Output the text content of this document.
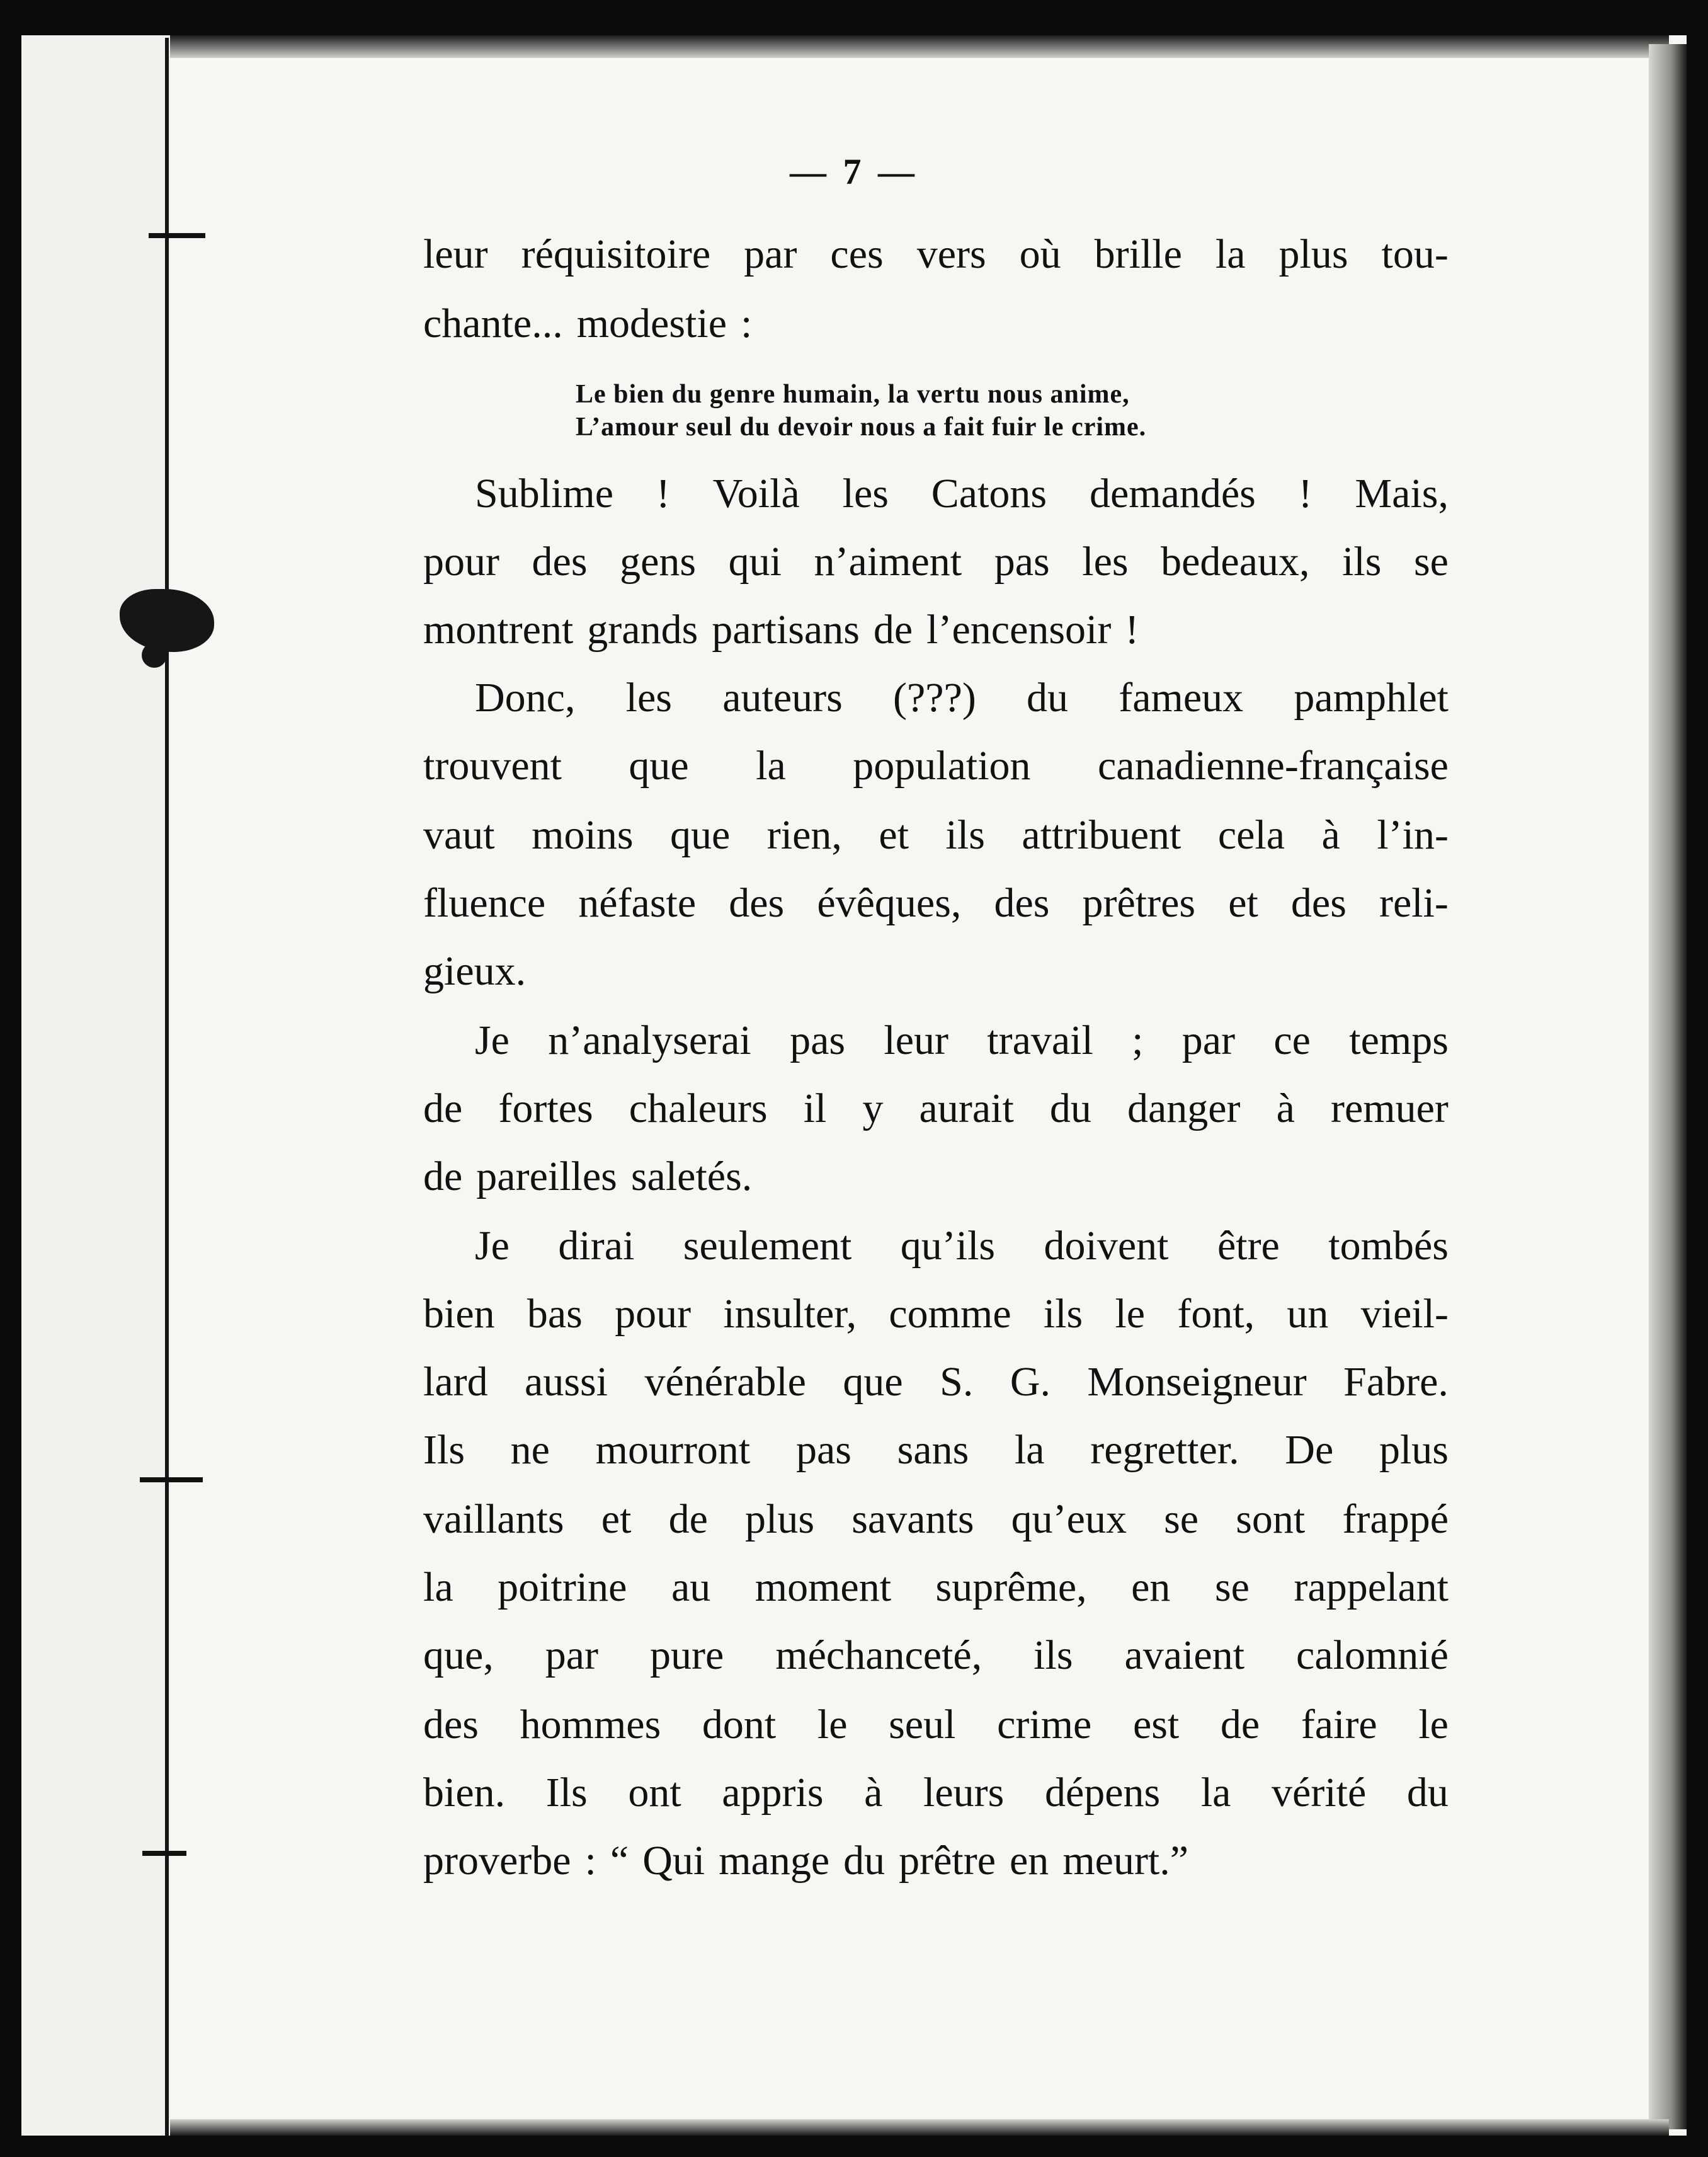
— 7 —
leur réquisitoire par ces vers où brille la plus tou-
chante... modestie :
Le bien du genre humain, la vertu nous anime,
L’amour seul du devoir nous a fait fuir le crime.
Sublime ! Voilà les Catons demandés ! Mais,
pour des gens qui n’aiment pas les bedeaux, ils se
montrent grands partisans de l’encensoir !
Donc, les auteurs (???) du fameux pamphlet
trouvent que la population canadienne-française
vaut moins que rien, et ils attribuent cela à l’in-
fluence néfaste des évêques, des prêtres et des reli-
gieux.
Je n’analyserai pas leur travail ; par ce temps
de fortes chaleurs il y aurait du danger à remuer
de pareilles saletés.
Je dirai seulement qu’ils doivent être tombés
bien bas pour insulter, comme ils le font, un vieil-
lard aussi vénérable que S. G. Monseigneur Fabre.
Ils ne mourront pas sans la regretter. De plus
vaillants et de plus savants qu’eux se sont frappé
la poitrine au moment suprême, en se rappelant
que, par pure méchanceté, ils avaient calomnié
des hommes dont le seul crime est de faire le
bien. Ils ont appris à leurs dépens la vérité du
proverbe : “ Qui mange du prêtre en meurt.”
